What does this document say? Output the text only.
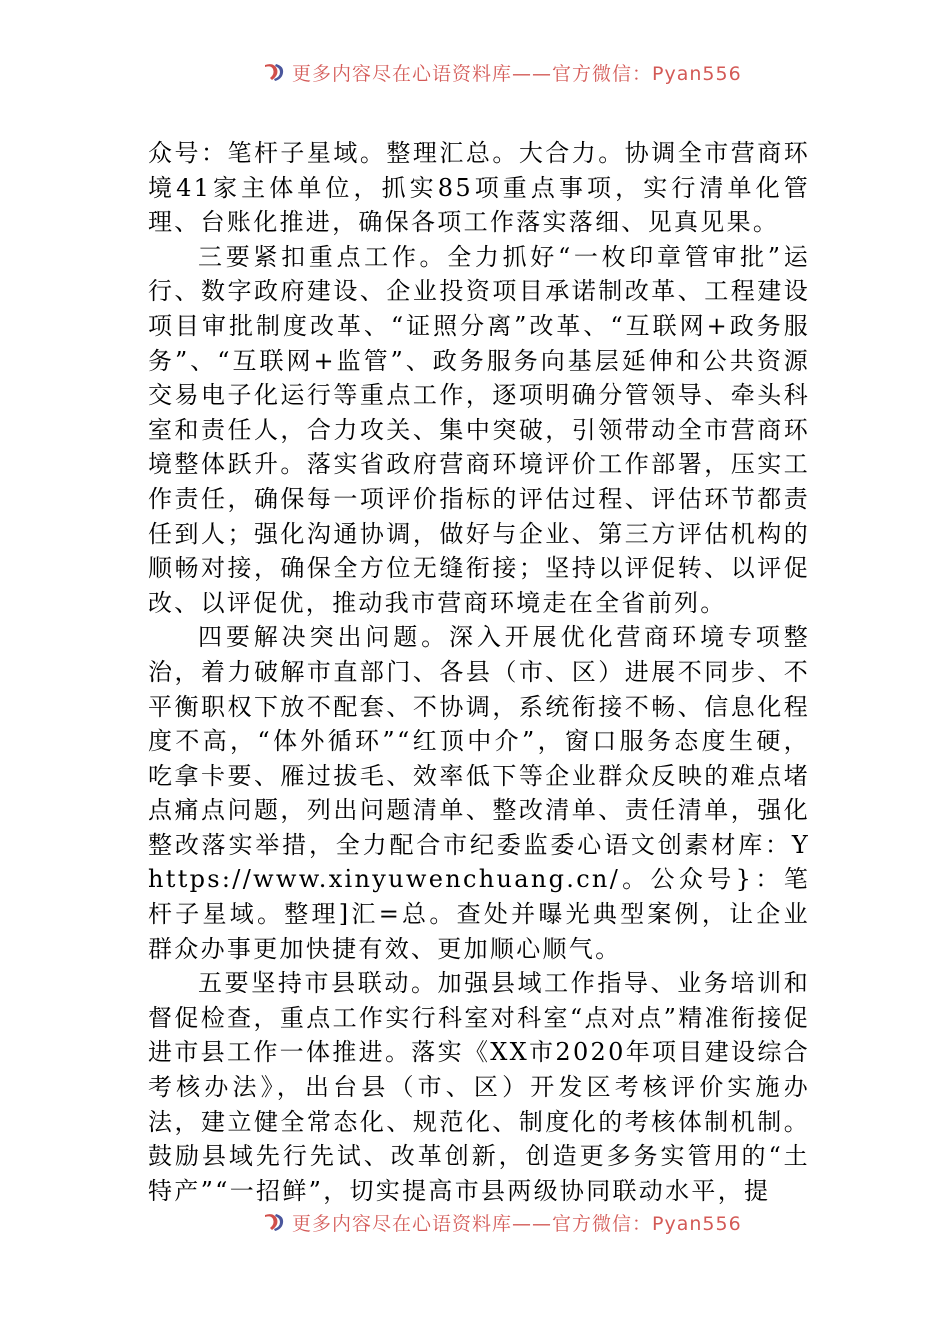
更多内容尽在心语资料库——官方微信：Pyan556

众号：笔杆子星域。整理汇总。大合力。协调全市营商环境41家主体单位，抓实85项重点事项，实行清单化管理、台账化推进，确保各项工作落实落细、见真见果。

三要紧扣重点工作。全力抓好“一枚印章管审批”运行、数字政府建设、企业投资项目承诺制改革、工程建设项目审批制度改革、“证照分离”改革、“互联网+政务服务”、“互联网+监管”、政务服务向基层延伸和公共资源交易电子化运行等重点工作，逐项明确分管领导、牵头科室和责任人，合力攻关、集中突破，引领带动全市营商环境整体跃升。落实省政府营商环境评价工作部署，压实工作责任，确保每一项评价指标的评估过程、评估环节都责任到人；强化沟通协调，做好与企业、第三方评估机构的顺畅对接，确保全方位无缝衔接；坚持以评促转、以评促改、以评促优，推动我市营商环境走在全省前列。

四要解决突出问题。深入开展优化营商环境专项整治，着力破解市直部门、各县（市、区）进展不同步、不平衡职权下放不配套、不协调，系统衔接不畅、信息化程度不高，“体外循环”“红顶中介”，窗口服务态度生硬，吃拿卡要、雁过拔毛、效率低下等企业群众反映的难点堵点痛点问题，列出问题清单、整改清单、责任清单，强化整改落实举措，全力配合市纪委监委心语文创素材库：Yhttps://www.xinyuwenchuang.cn/。公众号}：笔杆子星域。整理]汇=总。查处并曝光典型案例，让企业群众办事更加快捷有效、更加顺心顺气。

五要坚持市县联动。加强县域工作指导、业务培训和督促检查，重点工作实行科室对科室“点对点”精准衔接促进市县工作一体推进。落实《XX市2020年项目建设综合考核办法》，出台县（市、区）开发区考核评价实施办法，建立健全常态化、规范化、制度化的考核体制机制。鼓励县域先行先试、改革创新，创造更多务实管用的“土特产”“一招鲜”，切实提高市县两级协同联动水平，提

更多内容尽在心语资料库——官方微信：Pyan556
